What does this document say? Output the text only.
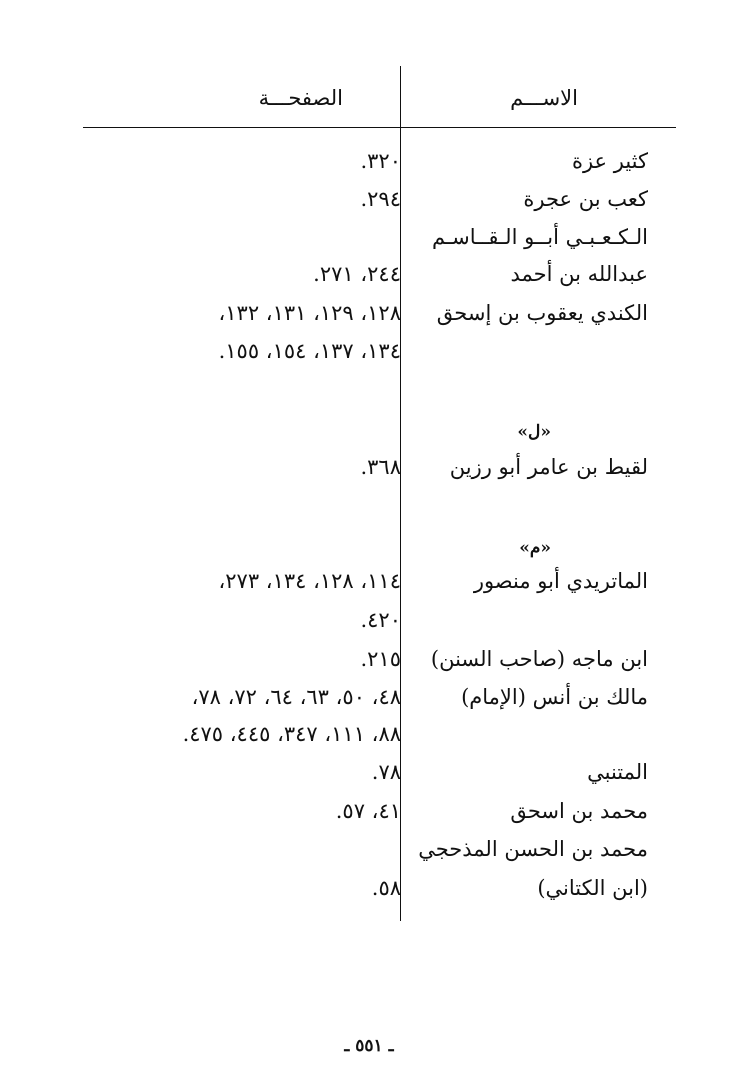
الاســـم
الصفحـــة
كثير عزة
٣٢٠.
كعب بن عجرة
٢٩٤.
الـكـعـبـي أبــو الـقــاسـم
عبدالله بن أحمد
٢٤٤، ٢٧١.
الكندي يعقوب بن إسحق
١٢٨، ١٢٩، ١٣١، ١٣٢،
١٣٤، ١٣٧، ١٥٤، ١٥٥.
«ل»
لقيط بن عامر أبو رزين
٣٦٨.
«م»
الماتريدي أبو منصور
١١٤، ١٢٨، ١٣٤، ٢٧٣،
٤٢٠.
ابن ماجه (صاحب السنن)
٢١٥.
مالك بن أنس (الإمام)
٤٨، ٥٠، ٦٣، ٦٤، ٧٢، ٧٨،
٨٨، ١١١، ٣٤٧، ٤٤٥، ٤٧٥.
المتنبي
٧٨.
محمد بن اسحق
٤١، ٥٧.
محمد بن الحسن المذحجي
(ابن الكتاني)
٥٨.
ـ ٥٥١ ـ
